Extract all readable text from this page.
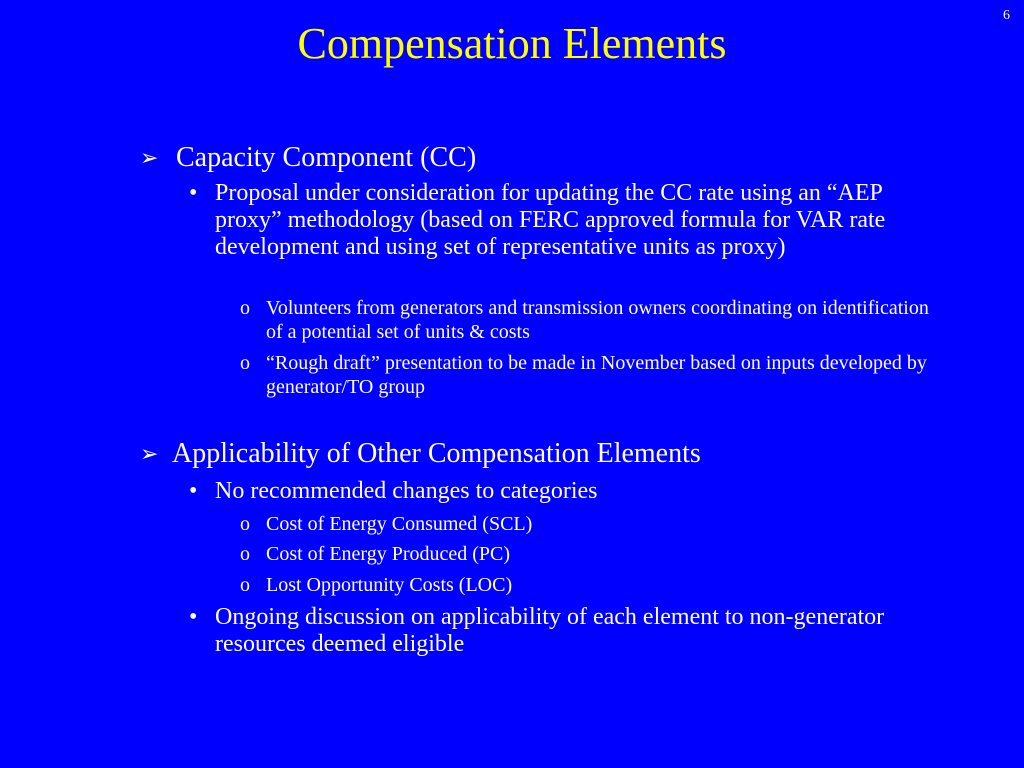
6
Compensation Elements
➢ Capacity Component (CC)
• Proposal under consideration for updating the CC rate using an “AEP proxy” methodology (based on FERC approved formula for VAR rate development and using set of representative units as proxy)
o Volunteers from generators and transmission owners coordinating on identification of a potential set of units & costs
o “Rough draft” presentation to be made in November based on inputs developed by generator/TO group
➢ Applicability of Other Compensation Elements
• No recommended changes to categories
o Cost of Energy Consumed (SCL)
o Cost of Energy Produced (PC)
o Lost Opportunity Costs (LOC)
• Ongoing discussion on applicability of each element to non-generator resources deemed eligible
